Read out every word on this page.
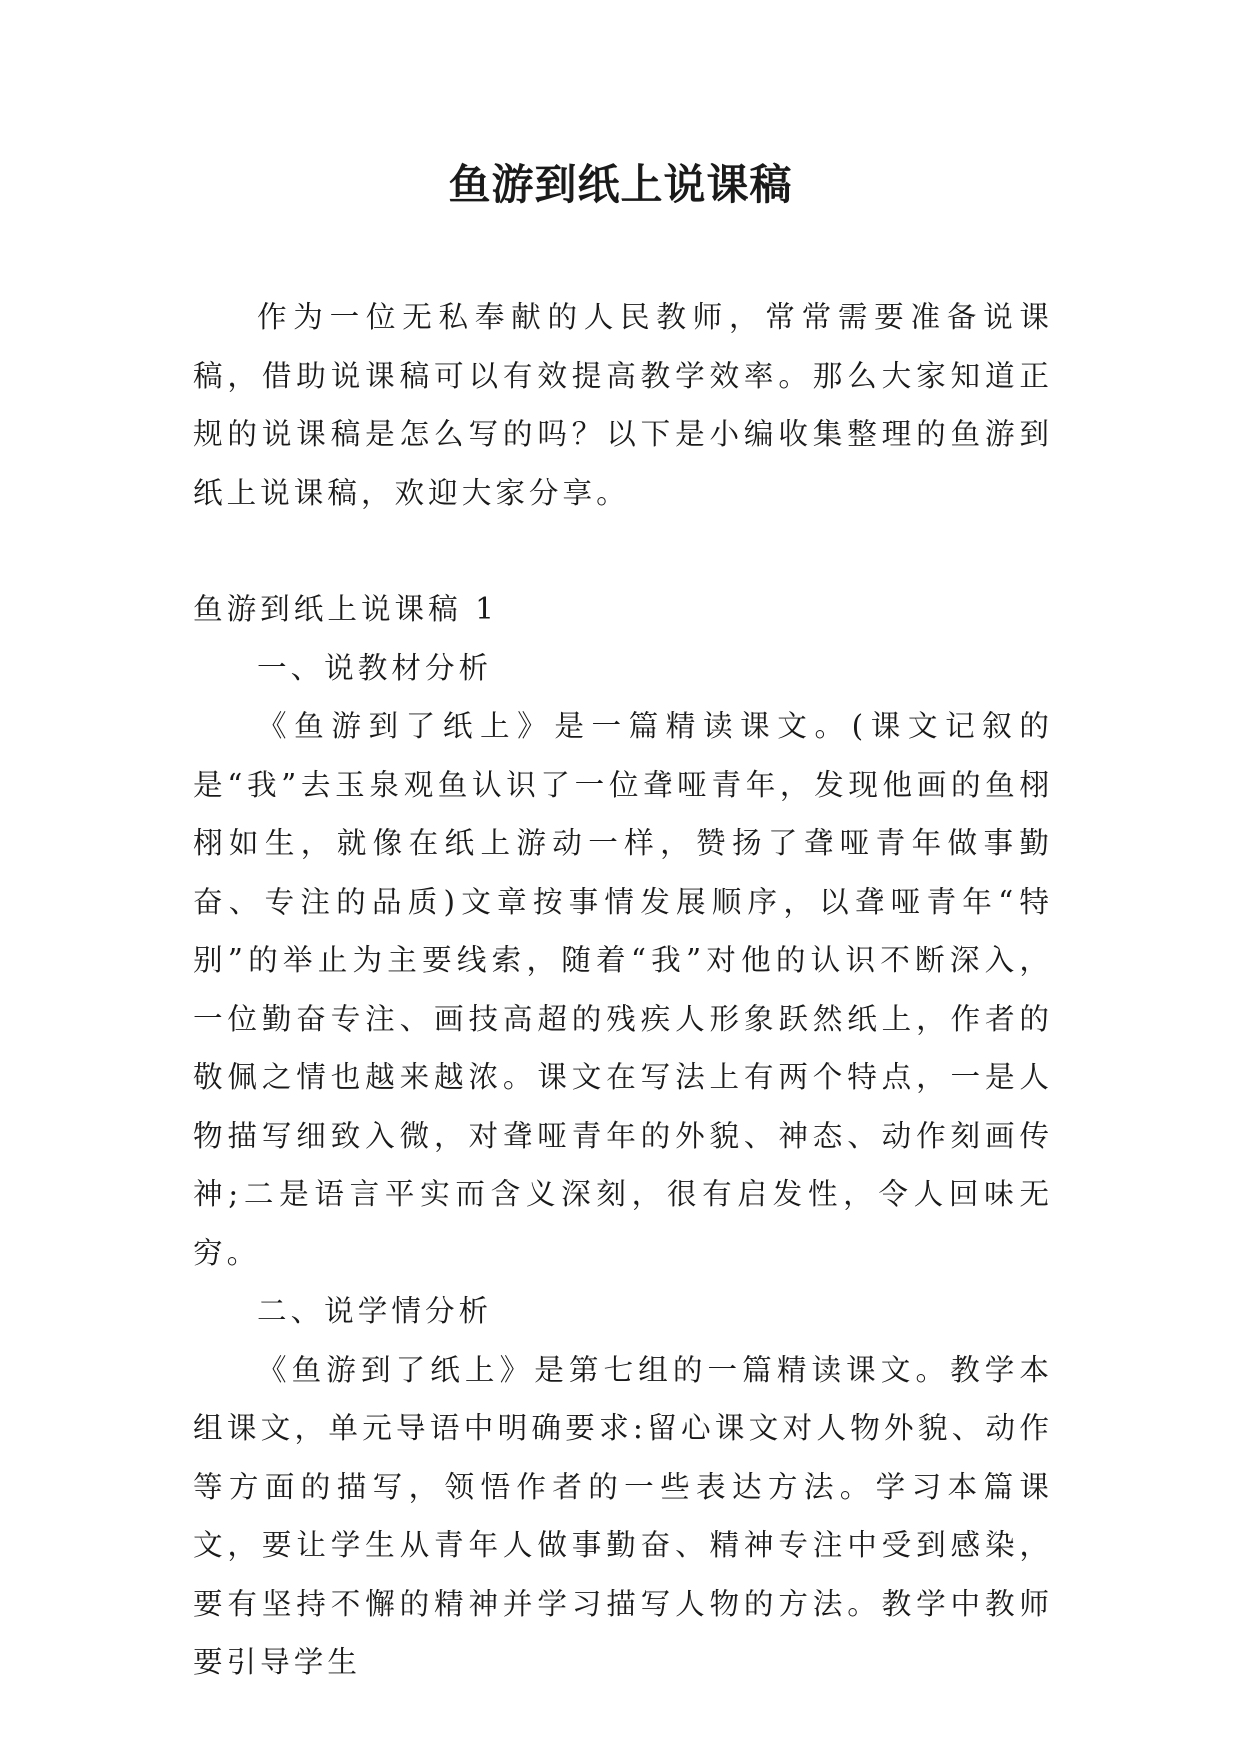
鱼游到纸上说课稿

作为一位无私奉献的人民教师，常常需要准备说课稿，借助说课稿可以有效提高教学效率。那么大家知道正规的说课稿是怎么写的吗？以下是小编收集整理的鱼游到纸上说课稿，欢迎大家分享。

鱼游到纸上说课稿 1

一、说教材分析

《鱼游到了纸上》是一篇精读课文。(课文记叙的是“我”去玉泉观鱼认识了一位聋哑青年，发现他画的鱼栩栩如生，就像在纸上游动一样，赞扬了聋哑青年做事勤奋、专注的品质)文章按事情发展顺序，以聋哑青年“特别”的举止为主要线索，随着“我”对他的认识不断深入，一位勤奋专注、画技高超的残疾人形象跃然纸上，作者的敬佩之情也越来越浓。课文在写法上有两个特点，一是人物描写细致入微，对聋哑青年的外貌、神态、动作刻画传神;二是语言平实而含义深刻，很有启发性，令人回味无穷。

二、说学情分析

《鱼游到了纸上》是第七组的一篇精读课文。教学本组课文，单元导语中明确要求:留心课文对人物外貌、动作等方面的描写，领悟作者的一些表达方法。学习本篇课文，要让学生从青年人做事勤奋、精神专注中受到感染，要有坚持不懈的精神并学习描写人物的方法。教学中教师要引导学生
